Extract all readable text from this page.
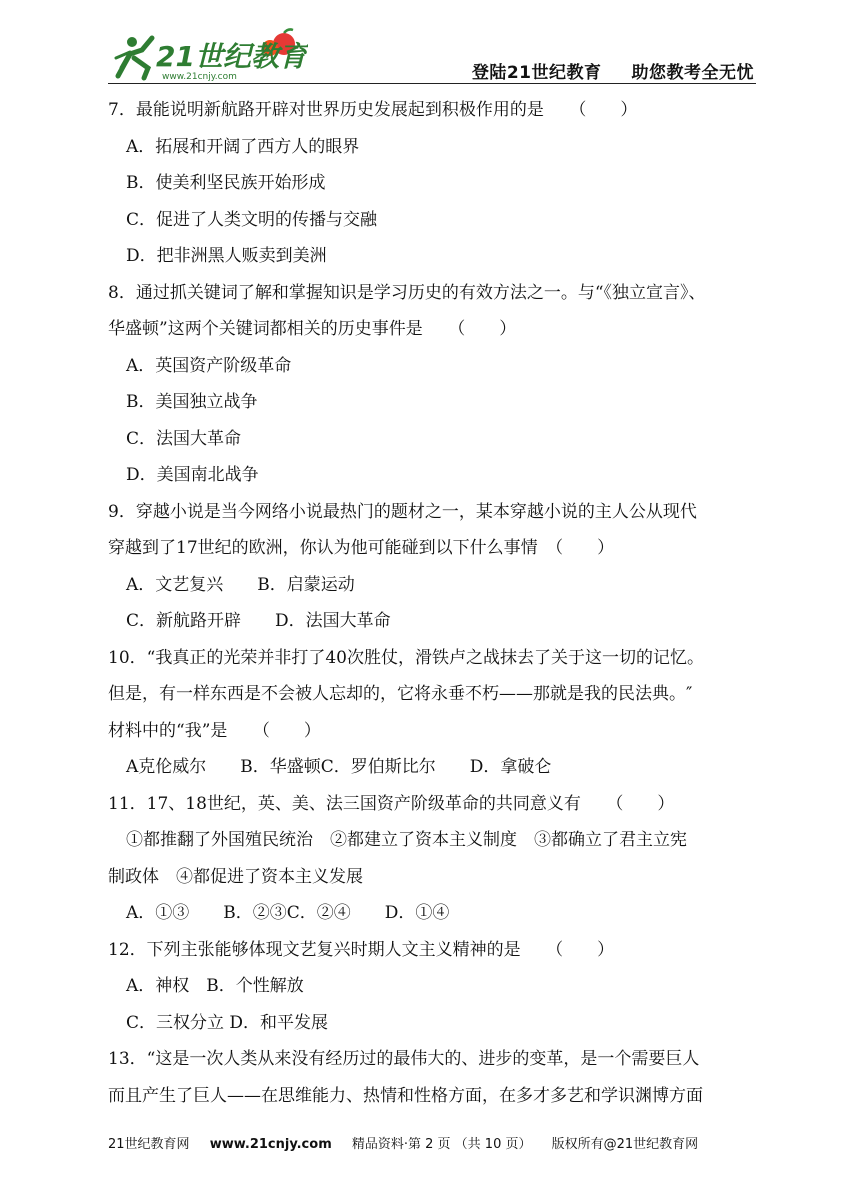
21世纪教育
www.21cnjy.com	登陆21世纪教育 助您教考全无忧
7．最能说明新航路开辟对世界历史发展起到积极作用的是　　（　　）
A．拓展和开阔了西方人的眼界
B．使美利坚民族开始形成
C．促进了人类文明的传播与交融
D．把非洲黑人贩卖到美洲
8．通过抓关键词了解和掌握知识是学习历史的有效方法之一。与“《独立宣言》、
华盛顿”这两个关键词都相关的历史事件是　　（　　）
A．英国资产阶级革命
B．美国独立战争
C．法国大革命
D．美国南北战争
9．穿越小说是当今网络小说最热门的题材之一，某本穿越小说的主人公从现代
穿越到了17世纪的欧洲，你认为他可能碰到以下什么事情　（　　）
A．文艺复兴　　B．启蒙运动
C．新航路开辟　　D．法国大革命
10．“我真正的光荣并非打了40次胜仗，滑铁卢之战抹去了关于这一切的记忆。
但是，有一样东西是不会被人忘却的，它将永垂不朽——那就是我的民法典。″
材料中的“我”是　　（　　）
A克伦威尔　　B．华盛顿C．罗伯斯比尔　　D．拿破仑
11．17、18世纪，英、美、法三国资产阶级革命的共同意义有　　（　　）
①都推翻了外国殖民统治　②都建立了资本主义制度　③都确立了君主立宪
制政体　④都促进了资本主义发展
A．①③　　B．②③C．②④　　D．①④
12．下列主张能够体现文艺复兴时期人文主义精神的是　　（　　）
A．神权　B．个性解放
C．三权分立 D．和平发展
13．“这是一次人类从来没有经历过的最伟大的、进步的变革，是一个需要巨人
而且产生了巨人——在思维能力、热情和性格方面，在多才多艺和学识渊博方面
21世纪教育网 www.21cnjy.com 精品资料·第 2 页 （共 10 页） 版权所有@21世纪教育网
